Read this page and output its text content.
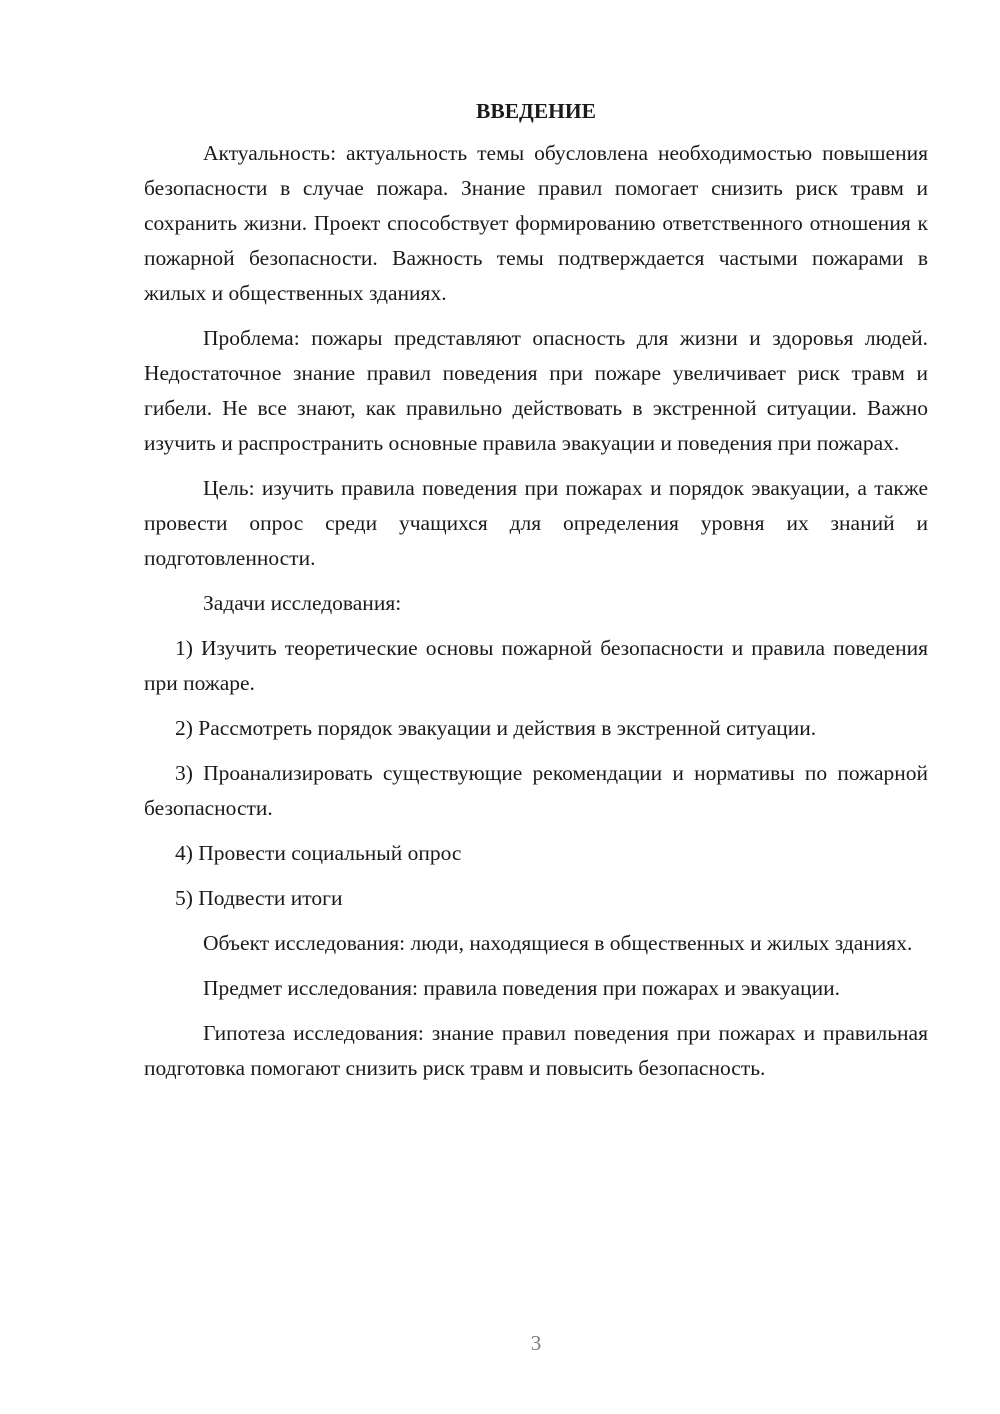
ВВЕДЕНИЕ

Актуальность: актуальность темы обусловлена необходимостью повышения безопасности в случае пожара. Знание правил помогает снизить риск травм и сохранить жизни. Проект способствует формированию ответственного отношения к пожарной безопасности. Важность темы подтверждается частыми пожарами в жилых и общественных зданиях.

Проблема: пожары представляют опасность для жизни и здоровья людей. Недостаточное знание правил поведения при пожаре увеличивает риск травм и гибели. Не все знают, как правильно действовать в экстренной ситуации. Важно изучить и распространить основные правила эвакуации и поведения при пожарах.

Цель: изучить правила поведения при пожарах и порядок эвакуации, а также провести опрос среди учащихся для определения уровня их знаний и подготовленности.

Задачи исследования:

1) Изучить теоретические основы пожарной безопасности и правила поведения при пожаре.

2) Рассмотреть порядок эвакуации и действия в экстренной ситуации.

3) Проанализировать существующие рекомендации и нормативы по пожарной безопасности.

4) Провести социальный опрос

5) Подвести итоги

Объект исследования: люди, находящиеся в общественных и жилых зданиях.

Предмет исследования: правила поведения при пожарах и эвакуации.

Гипотеза исследования: знание правил поведения при пожарах и правильная подготовка помогают снизить риск травм и повысить безопасность.

3
